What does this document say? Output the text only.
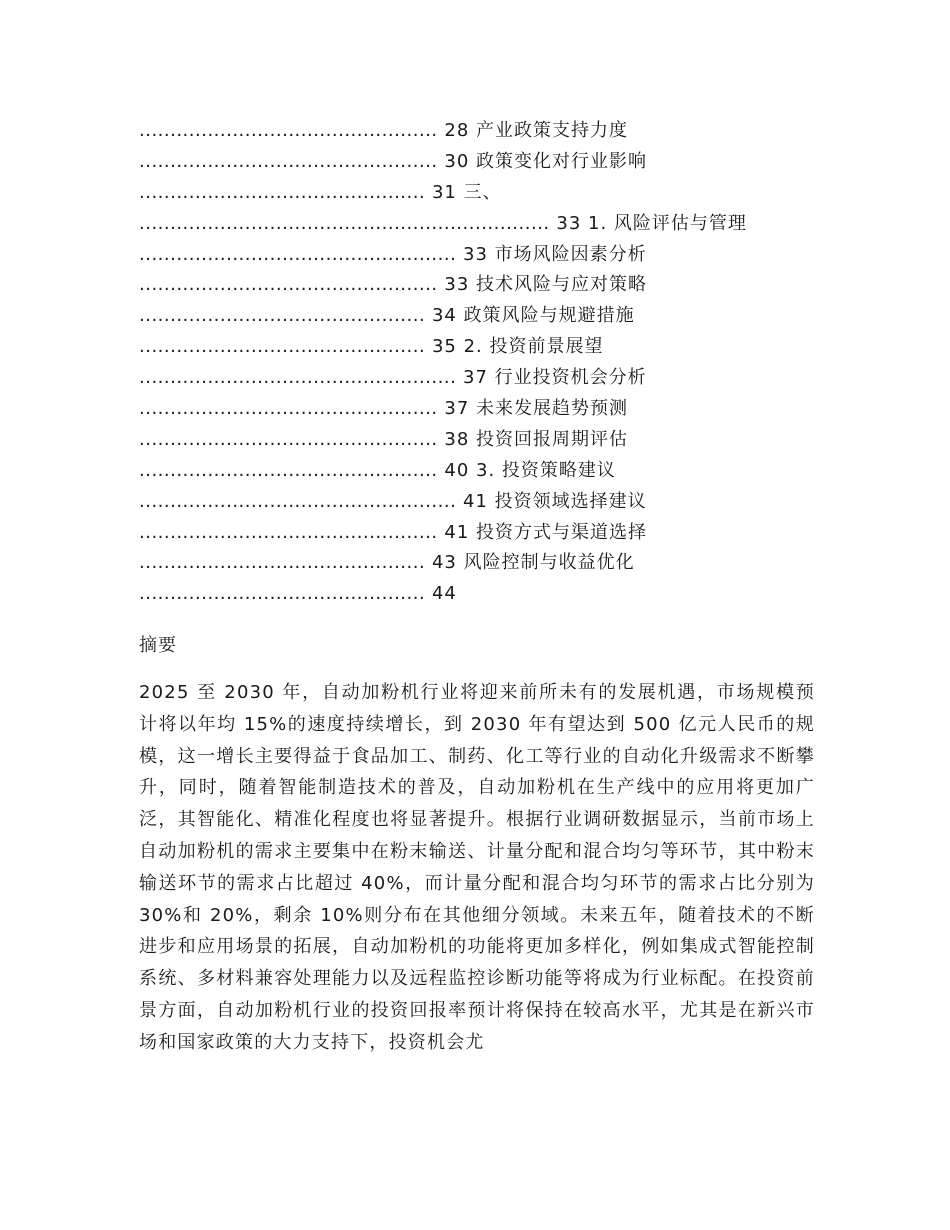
................................................ 28 产业政策支持力度
................................................ 30 政策变化对行业影响
.............................................. 31 三、
.................................................................. 33 1. 风险评估与管理
................................................... 33 市场风险因素分析
................................................ 33 技术风险与应对策略
.............................................. 34 政策风险与规避措施
.............................................. 35 2. 投资前景展望
................................................... 37 行业投资机会分析
................................................ 37 未来发展趋势预测
................................................ 38 投资回报周期评估
................................................ 40 3. 投资策略建议
................................................... 41 投资领域选择建议
................................................ 41 投资方式与渠道选择
.............................................. 43 风险控制与收益优化
.............................................. 44
摘要

2025 至 2030 年，自动加粉机行业将迎来前所未有的发展机遇，市场规模预计将以年均 15%的速度持续增长，到 2030 年有望达到 500 亿元人民币的规模，这一增长主要得益于食品加工、制药、化工等行业的自动化升级需求不断攀升，同时，随着智能制造技术的普及，自动加粉机在生产线中的应用将更加广泛，其智能化、精准化程度也将显著提升。根据行业调研数据显示，当前市场上自动加粉机的需求主要集中在粉末输送、计量分配和混合均匀等环节，其中粉末输送环节的需求占比超过 40%，而计量分配和混合均匀环节的需求占比分别为 30%和 20%，剩余 10%则分布在其他细分领域。未来五年，随着技术的不断进步和应用场景的拓展，自动加粉机的功能将更加多样化，例如集成式智能控制系统、多材料兼容处理能力以及远程监控诊断功能等将成为行业标配。在投资前景方面，自动加粉机行业的投资回报率预计将保持在较高水平，尤其是在新兴市场和国家政策的大力支持下，投资机会尤
